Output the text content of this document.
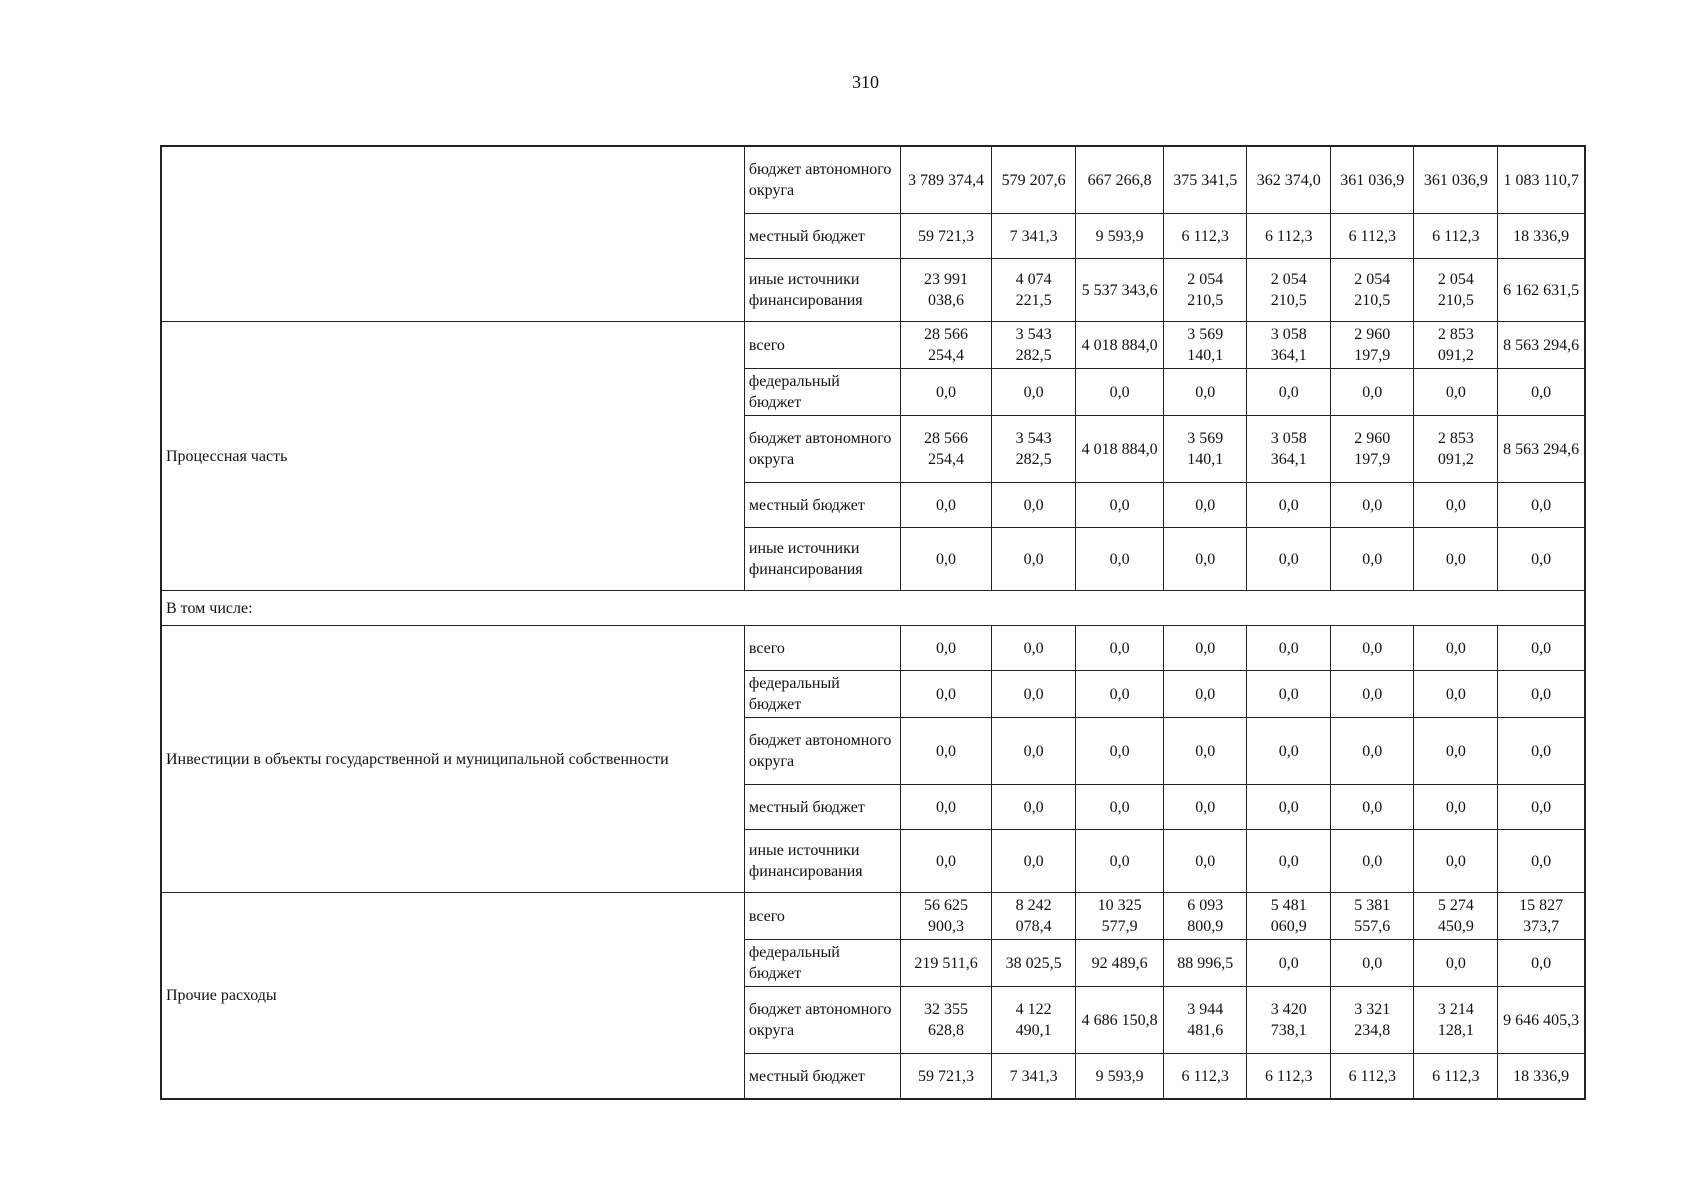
310
	бюджет автономного округа	3 789 374,4	579 207,6	667 266,8	375 341,5	362 374,0	361 036,9	361 036,9	1 083 110,7
	местный бюджет	59 721,3	7 341,3	9 593,9	6 112,3	6 112,3	6 112,3	6 112,3	18 336,9
	иные источники финансирования	23 991 038,6	4 074 221,5	5 537 343,6	2 054 210,5	2 054 210,5	2 054 210,5	2 054 210,5	6 162 631,5
Процессная часть	всего	28 566 254,4	3 543 282,5	4 018 884,0	3 569 140,1	3 058 364,1	2 960 197,9	2 853 091,2	8 563 294,6
	федеральный бюджет	0,0	0,0	0,0	0,0	0,0	0,0	0,0	0,0
	бюджет автономного округа	28 566 254,4	3 543 282,5	4 018 884,0	3 569 140,1	3 058 364,1	2 960 197,9	2 853 091,2	8 563 294,6
	местный бюджет	0,0	0,0	0,0	0,0	0,0	0,0	0,0	0,0
	иные источники финансирования	0,0	0,0	0,0	0,0	0,0	0,0	0,0	0,0
В том числе:									
Инвестиции в объекты государственной и муниципальной собственности	всего	0,0	0,0	0,0	0,0	0,0	0,0	0,0	0,0
	федеральный бюджет	0,0	0,0	0,0	0,0	0,0	0,0	0,0	0,0
	бюджет автономного округа	0,0	0,0	0,0	0,0	0,0	0,0	0,0	0,0
	местный бюджет	0,0	0,0	0,0	0,0	0,0	0,0	0,0	0,0
	иные источники финансирования	0,0	0,0	0,0	0,0	0,0	0,0	0,0	0,0
Прочие расходы	всего	56 625 900,3	8 242 078,4	10 325 577,9	6 093 800,9	5 481 060,9	5 381 557,6	5 274 450,9	15 827 373,7
	федеральный бюджет	219 511,6	38 025,5	92 489,6	88 996,5	0,0	0,0	0,0	0,0
	бюджет автономного округа	32 355 628,8	4 122 490,1	4 686 150,8	3 944 481,6	3 420 738,1	3 321 234,8	3 214 128,1	9 646 405,3
	местный бюджет	59 721,3	7 341,3	9 593,9	6 112,3	6 112,3	6 112,3	6 112,3	18 336,9
